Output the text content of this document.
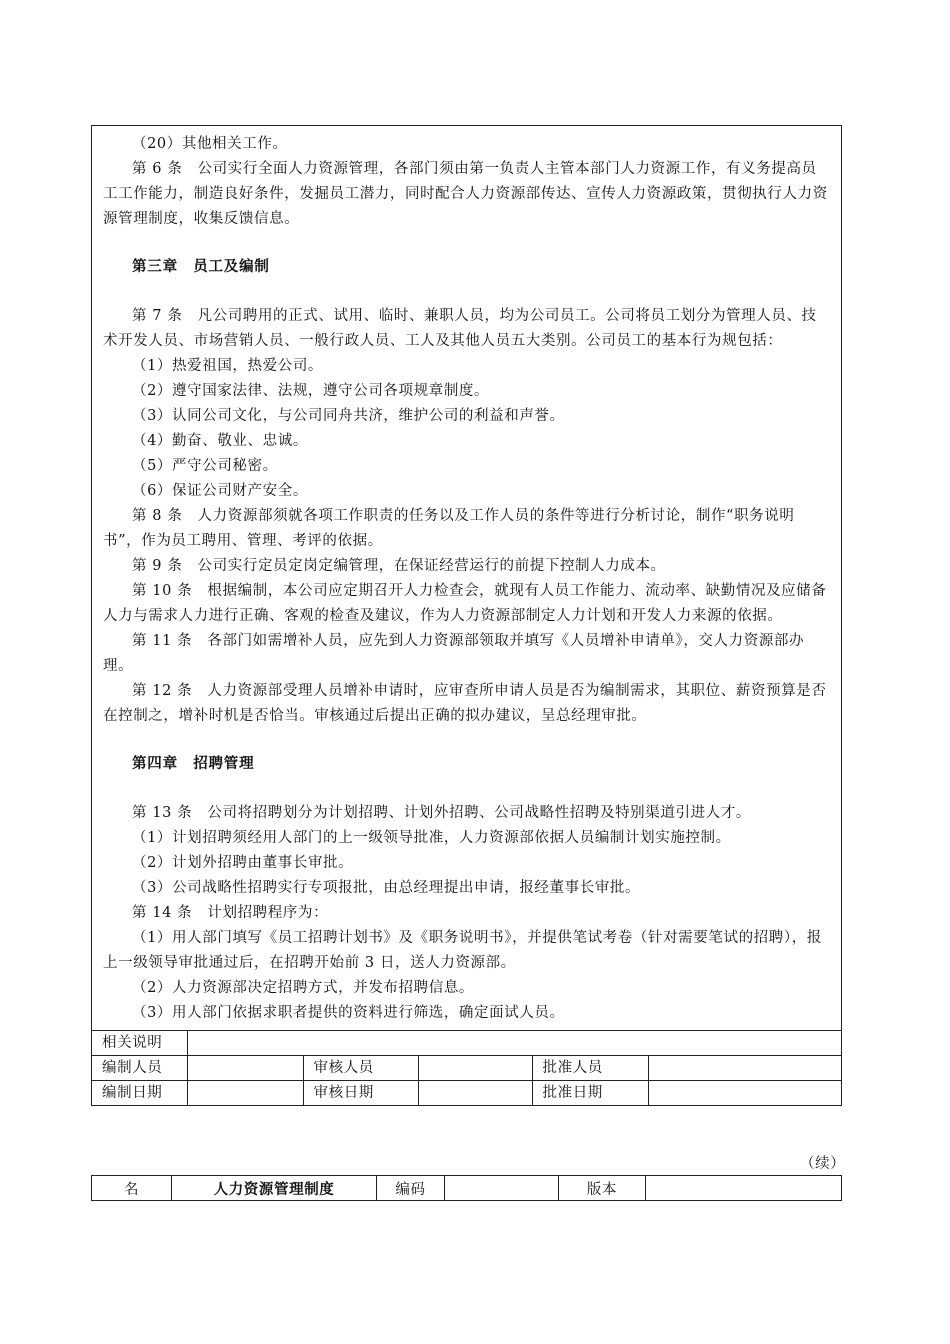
（20）其他相关工作。

第 6 条　公司实行全面人力资源管理，各部门须由第一负责人主管本部门人力资源工作，有义务提高员工工作能力，制造良好条件，发掘员工潜力，同时配合人力资源部传达、宣传人力资源政策，贯彻执行人力资源管理制度，收集反馈信息。

第三章　员工及编制

第 7 条　凡公司聘用的正式、试用、临时、兼职人员，均为公司员工。公司将员工划分为管理人员、技术开发人员、市场营销人员、一般行政人员、工人及其他人员五大类别。公司员工的基本行为规包括：

（1）热爱祖国，热爱公司。

（2）遵守国家法律、法规，遵守公司各项规章制度。

（3）认同公司文化，与公司同舟共济，维护公司的利益和声誉。

（4）勤奋、敬业、忠诚。

（5）严守公司秘密。

（6）保证公司财产安全。

第 8 条　人力资源部须就各项工作职责的任务以及工作人员的条件等进行分析讨论，制作“职务说明书”，作为员工聘用、管理、考评的依据。

第 9 条　公司实行定员定岗定编管理，在保证经营运行的前提下控制人力成本。

第 10 条　根据编制，本公司应定期召开人力检查会，就现有人员工作能力、流动率、缺勤情况及应储备人力与需求人力进行正确、客观的检查及建议，作为人力资源部制定人力计划和开发人力来源的依据。

第 11 条　各部门如需增补人员，应先到人力资源部领取并填写《人员增补申请单》，交人力资源部办理。

第 12 条　人力资源部受理人员增补申请时，应审查所申请人员是否为编制需求，其职位、薪资预算是否在控制之，增补时机是否恰当。审核通过后提出正确的拟办建议，呈总经理审批。

第四章　招聘管理

第 13 条　公司将招聘划分为计划招聘、计划外招聘、公司战略性招聘及特别渠道引进人才。

（1）计划招聘须经用人部门的上一级领导批准，人力资源部依据人员编制计划实施控制。

（2）计划外招聘由董事长审批。

（3）公司战略性招聘实行专项报批，由总经理提出申请，报经董事长审批。

第 14 条　计划招聘程序为：

（1）用人部门填写《员工招聘计划书》及《职务说明书》，并提供笔试考卷（针对需要笔试的招聘），报上一级领导审批通过后，在招聘开始前 3 日，送人力资源部。

（2）人力资源部决定招聘方式，并发布招聘信息。

（3）用人部门依据求职者提供的资料进行筛选，确定面试人员。

相关说明					
编制人员		审核人员		批准人员	
编制日期		审核日期		批准日期	
（续）
名	人力资源管理制度	编码		版本	
